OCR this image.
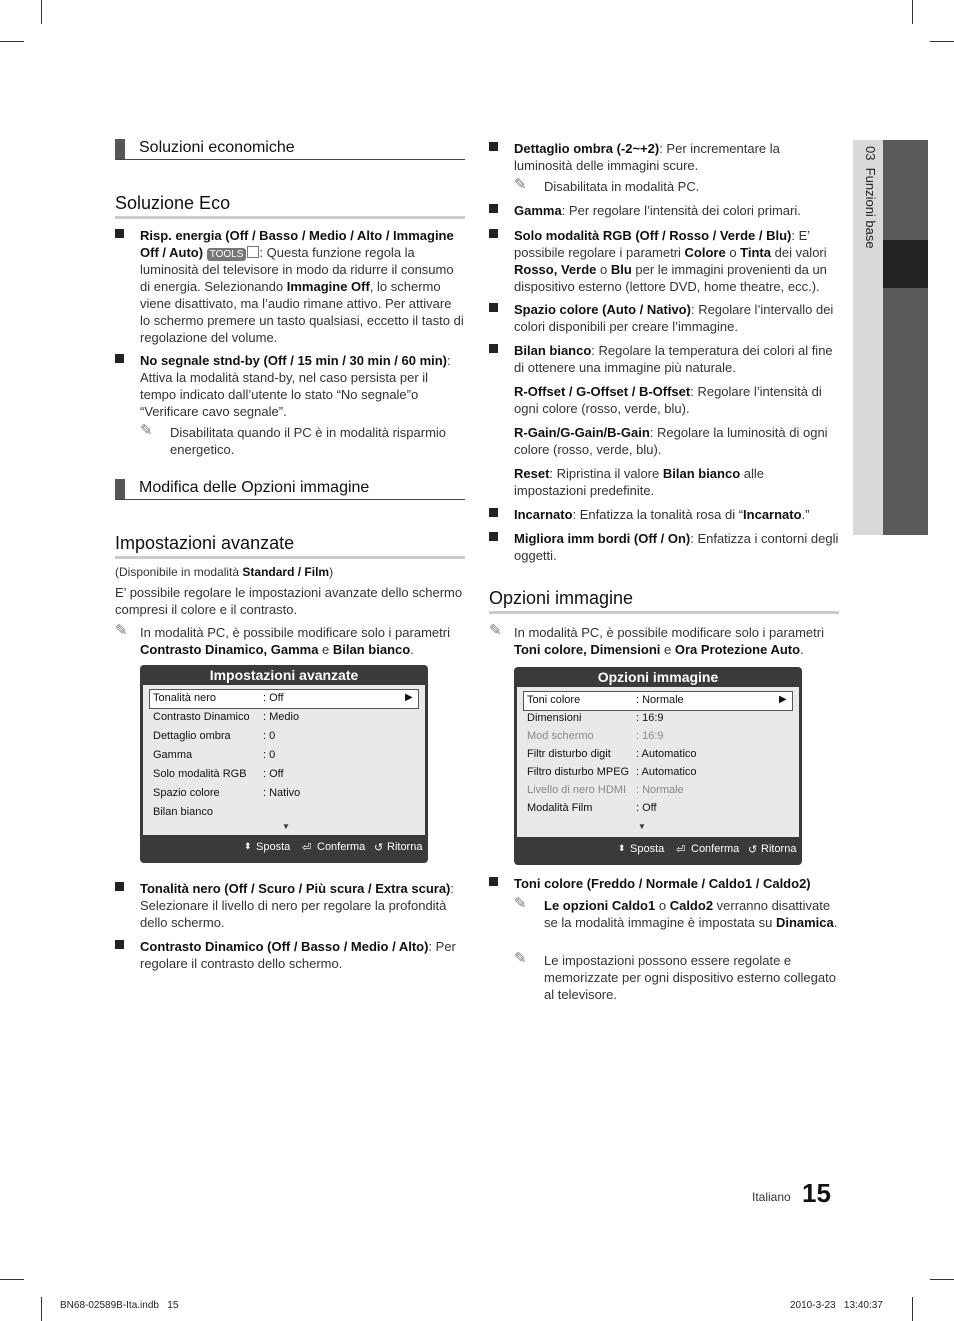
03  Funzioni base
Soluzioni economiche
Soluzione Eco
Risp. energia (Off / Basso / Medio / Alto / Immagine Off / Auto) TOOLS : Questa funzione regola la luminosità del televisore in modo da ridurre il consumo di energia. Selezionando Immagine Off, lo schermo viene disattivato, ma l’audio rimane attivo. Per attivare lo schermo premere un tasto qualsiasi, eccetto il tasto di regolazione del volume.
No segnale stnd-by (Off / 15 min / 30 min / 60 min): Attiva la modalità stand-by, nel caso persista per il tempo indicato dall’utente lo stato “No segnale”o “Verificare cavo segnale”.
✎ Disabilitata quando il PC è in modalità risparmio energetico.
Modifica delle Opzioni immagine
Impostazioni avanzate
(Disponibile in modalità Standard / Film)
E’ possibile regolare le impostazioni avanzate dello schermo compresi il colore e il contrasto.
✎ In modalità PC, è possibile modificare solo i parametri Contrasto Dinamico, Gamma e Bilan bianco.
Impostazioni avanzate
Tonalità nero	: Off	▶
Contrasto Dinamico : Medio
Dettaglio ombra	: 0
Gamma	: 0
Solo modalità RGB : Off
Spazio colore	: Nativo
Bilan bianco
▼
⬍ Sposta ⏎ Conferma ↺ Ritorna
Tonalità nero (Off / Scuro / Più scura / Extra scura): Selezionare il livello di nero per regolare la profondità dello schermo.
Contrasto Dinamico (Off / Basso / Medio / Alto): Per regolare il contrasto dello schermo.
Dettaglio ombra (-2~+2): Per incrementare la luminosità delle immagini scure.
✎ Disabilitata in modalità PC.
Gamma: Per regolare l’intensità dei colori primari.
Solo modalità RGB (Off / Rosso / Verde / Blu): E’ possibile regolare i parametri Colore o Tinta dei valori Rosso, Verde o Blu per le immagini provenienti da un dispositivo esterno (lettore DVD, home theatre, ecc.).
Spazio colore (Auto / Nativo): Regolare l’intervallo dei colori disponibili per creare l’immagine.
Bilan bianco: Regolare la temperatura dei colori al fine di ottenere una immagine più naturale.
R-Offset / G-Offset / B-Offset: Regolare l’intensità di ogni colore (rosso, verde, blu).
R-Gain/G-Gain/B-Gain: Regolare la luminosità di ogni colore (rosso, verde, blu).
Reset: Ripristina il valore Bilan bianco alle impostazioni predefinite.
Incarnato: Enfatizza la tonalità rosa di “Incarnato.”
Migliora imm bordi (Off / On): Enfatizza i contorni degli oggetti.
Opzioni immagine
✎ In modalità PC, è possibile modificare solo i parametri Toni colore, Dimensioni e Ora Protezione Auto.
Opzioni immagine
Toni colore	: Normale	▶
Dimensioni	: 16:9
Mod schermo	: 16:9
Filtr disturbo digit : Automatico
Filtro disturbo MPEG : Automatico
Livello di nero HDMI : Normale
Modalità Film	: Off
▼
⬍ Sposta ⏎ Conferma ↺ Ritorna
Toni colore (Freddo / Normale / Caldo1 / Caldo2)
✎ Le opzioni Caldo1 o Caldo2 verranno disattivate se la modalità immagine è impostata su Dinamica.
✎ Le impostazioni possono essere regolate e memorizzate per ogni dispositivo esterno collegato al televisore.
Italiano 15
BN68-02589B-Ita.indb   15	2010-3-23   13:40:37
